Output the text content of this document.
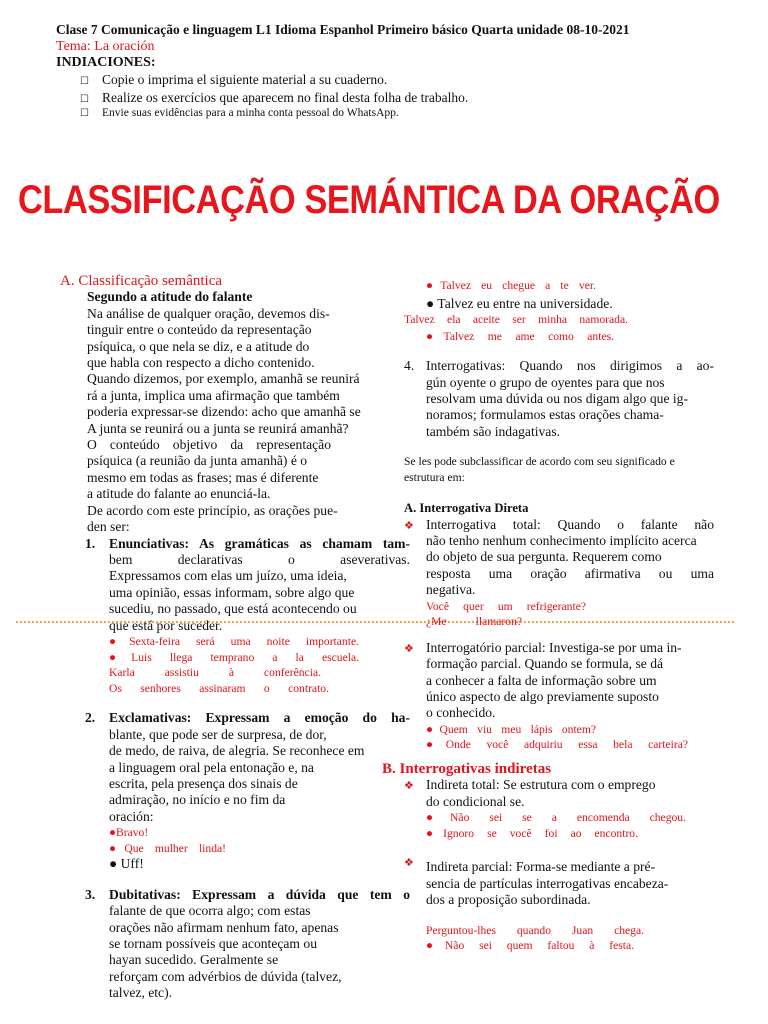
Clase 7 Comunicação e linguagem L1 Idioma Espanhol Primeiro básico Quarta unidade 08-10-2021
Tema: La oración
INDIACIONES:
☐ Copie o imprima el siguiente material a su cuaderno.
☐ Realize os exercícios que aparecem no final desta folha de trabalho.
☐ Envie suas evidências para a minha conta pessoal do WhatsApp.
CLASSIFICAÇÃO SEMÁNTICA DA ORAÇÃO
A. Classificação semântica
Segundo a atitude do falante
Na análise de qualquer oração, devemos dis-
tinguir entre o conteúdo da representação
psíquica, o que nela se diz, e a atitude do
que habla con respecto a dicho contenido.
Quando dizemos, por exemplo, amanhã se reunirá
rá a junta, implica uma afirmação que também
poderia expressar-se dizendo: acho que amanhã se
A junta se reunirá ou a junta se reunirá amanhã?
O conteúdo objetivo da representação
psíquica (a reunião da junta amanhã) é o
mesmo em todas as frases; mas é diferente
a atitude do falante ao enunciá-la.
De acordo com este princípio, as orações pue-
den ser:
1. Enunciativas: As gramáticas as chamam tam-
bem declarativas o aseverativas.
Expressamos com elas um juízo, uma ideia,
uma opinião, essas informam, sobre algo que
sucediu, no passado, que está acontecendo ou
que está por suceder.
●Sexta-feira será uma noite importante.
●Luis llega temprano a la escuela.
Karla assistiu à conferência.
Os senhores assinaram o contrato.
2. Exclamativas: Expressam a emoção do ha-
blante, que pode ser de surpresa, de dor,
de medo, de raiva, de alegria. Se reconhece em
a linguagem oral pela entonação e, na
escrita, pela presença dos sinais de
admiração, no início e no fim da
oración:
●Bravo!
●Que mulher linda!
● Uff!
3. Dubitativas: Expressam a dúvida que tem o
falante de que ocorra algo; com estas
orações não afirmam nenhum fato, apenas
se tornam possíveis que aconteçam ou
hayan sucedido. Geralmente se
reforçam com advérbios de dúvida (talvez,
talvez, etc).
●Talvez eu chegue a te ver.
● Talvez eu entre na universidade.
Talvez ela aceite ser minha namorada.
●Talvez me ame como antes.
4. Interrogativas: Quando nos dirigimos a ao-
gún oyente o grupo de oyentes para que nos
resolvam uma dúvida ou nos digam algo que ig-
noramos; formulamos estas orações chama-
também são indagativas.
Se les pode subclassificar de acordo com seu significado e
estrutura em:
A. Interrogativa Direta
❖ Interrogativa total: Quando o falante não
não tenho nenhum conhecimento implícito acerca
do objeto de sua pergunta. Requerem como
resposta uma oração afirmativa ou uma
negativa.
Você quer um refrigerante?
¿Me llamaron?
❖ Interrogatório parcial: Investiga-se por uma in-
formação parcial. Quando se formula, se dá
a conhecer a falta de informação sobre um
único aspecto de algo previamente suposto
o conhecido.
●Quem viu meu lápis ontem?
●Onde você adquiriu essa bela carteira?
B. Interrogativas indiretas
❖ Indireta total: Se estrutura com o emprego
do condicional se.
●Não sei se a encomenda chegou.
●Ignoro se você foi ao encontro.
❖ Indireta parcial: Forma-se mediante a pré-
sencia de partículas interrogativas encabeza-
dos a proposição subordinada.
Perguntou-lhes quando Juan chega.
●Não sei quem faltou à festa.
